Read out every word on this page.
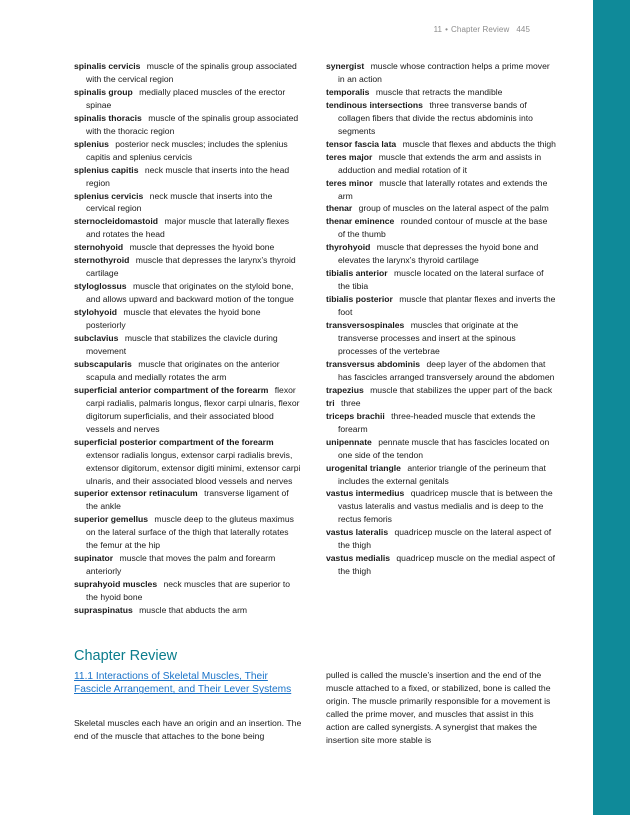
11 • Chapter Review 445

spinalis cervicis muscle of the spinalis group associated with the cervical region

spinalis group medially placed muscles of the erector spinae

spinalis thoracis muscle of the spinalis group associated with the thoracic region

splenius posterior neck muscles; includes the splenius capitis and splenius cervicis

splenius capitis neck muscle that inserts into the head region

splenius cervicis neck muscle that inserts into the cervical region

sternocleidomastoid major muscle that laterally flexes and rotates the head

sternohyoid muscle that depresses the hyoid bone

sternothyroid muscle that depresses the larynx’s thyroid cartilage

styloglossus muscle that originates on the styloid bone, and allows upward and backward motion of the tongue

stylohyoid muscle that elevates the hyoid bone posteriorly

subclavius muscle that stabilizes the clavicle during movement

subscapularis muscle that originates on the anterior scapula and medially rotates the arm

superficial anterior compartment of the forearm flexor carpi radialis, palmaris longus, flexor carpi ulnaris, flexor digitorum superficialis, and their associated blood vessels and nerves

superficial posterior compartment of the forearm extensor radialis longus, extensor carpi radialis brevis, extensor digitorum, extensor digiti minimi, extensor carpi ulnaris, and their associated blood vessels and nerves

superior extensor retinaculum transverse ligament of the ankle

superior gemellus muscle deep to the gluteus maximus on the lateral surface of the thigh that laterally rotates the femur at the hip

supinator muscle that moves the palm and forearm anteriorly

suprahyoid muscles neck muscles that are superior to the hyoid bone

supraspinatus muscle that abducts the arm

synergist muscle whose contraction helps a prime mover in an action

temporalis muscle that retracts the mandible

tendinous intersections three transverse bands of collagen fibers that divide the rectus abdominis into segments

tensor fascia lata muscle that flexes and abducts the thigh

teres major muscle that extends the arm and assists in adduction and medial rotation of it

teres minor muscle that laterally rotates and extends the arm

thenar group of muscles on the lateral aspect of the palm

thenar eminence rounded contour of muscle at the base of the thumb

thyrohyoid muscle that depresses the hyoid bone and elevates the larynx’s thyroid cartilage

tibialis anterior muscle located on the lateral surface of the tibia

tibialis posterior muscle that plantar flexes and inverts the foot

transversospinales muscles that originate at the transverse processes and insert at the spinous processes of the vertebrae

transversus abdominis deep layer of the abdomen that has fascicles arranged transversely around the abdomen

trapezius muscle that stabilizes the upper part of the back

tri three

triceps brachii three-headed muscle that extends the forearm

unipennate pennate muscle that has fascicles located on one side of the tendon

urogenital triangle anterior triangle of the perineum that includes the external genitals

vastus intermedius quadricep muscle that is between the vastus lateralis and vastus medialis and is deep to the rectus femoris

vastus lateralis quadricep muscle on the lateral aspect of the thigh

vastus medialis quadricep muscle on the medial aspect of the thigh

Chapter Review
11.1 Interactions of Skeletal Muscles, Their Fascicle Arrangement, and Their Lever Systems

Skeletal muscles each have an origin and an insertion. The end of the muscle that attaches to the bone being

pulled is called the muscle’s insertion and the end of the muscle attached to a fixed, or stabilized, bone is called the origin. The muscle primarily responsible for a movement is called the prime mover, and muscles that assist in this action are called synergists. A synergist that makes the insertion site more stable is
